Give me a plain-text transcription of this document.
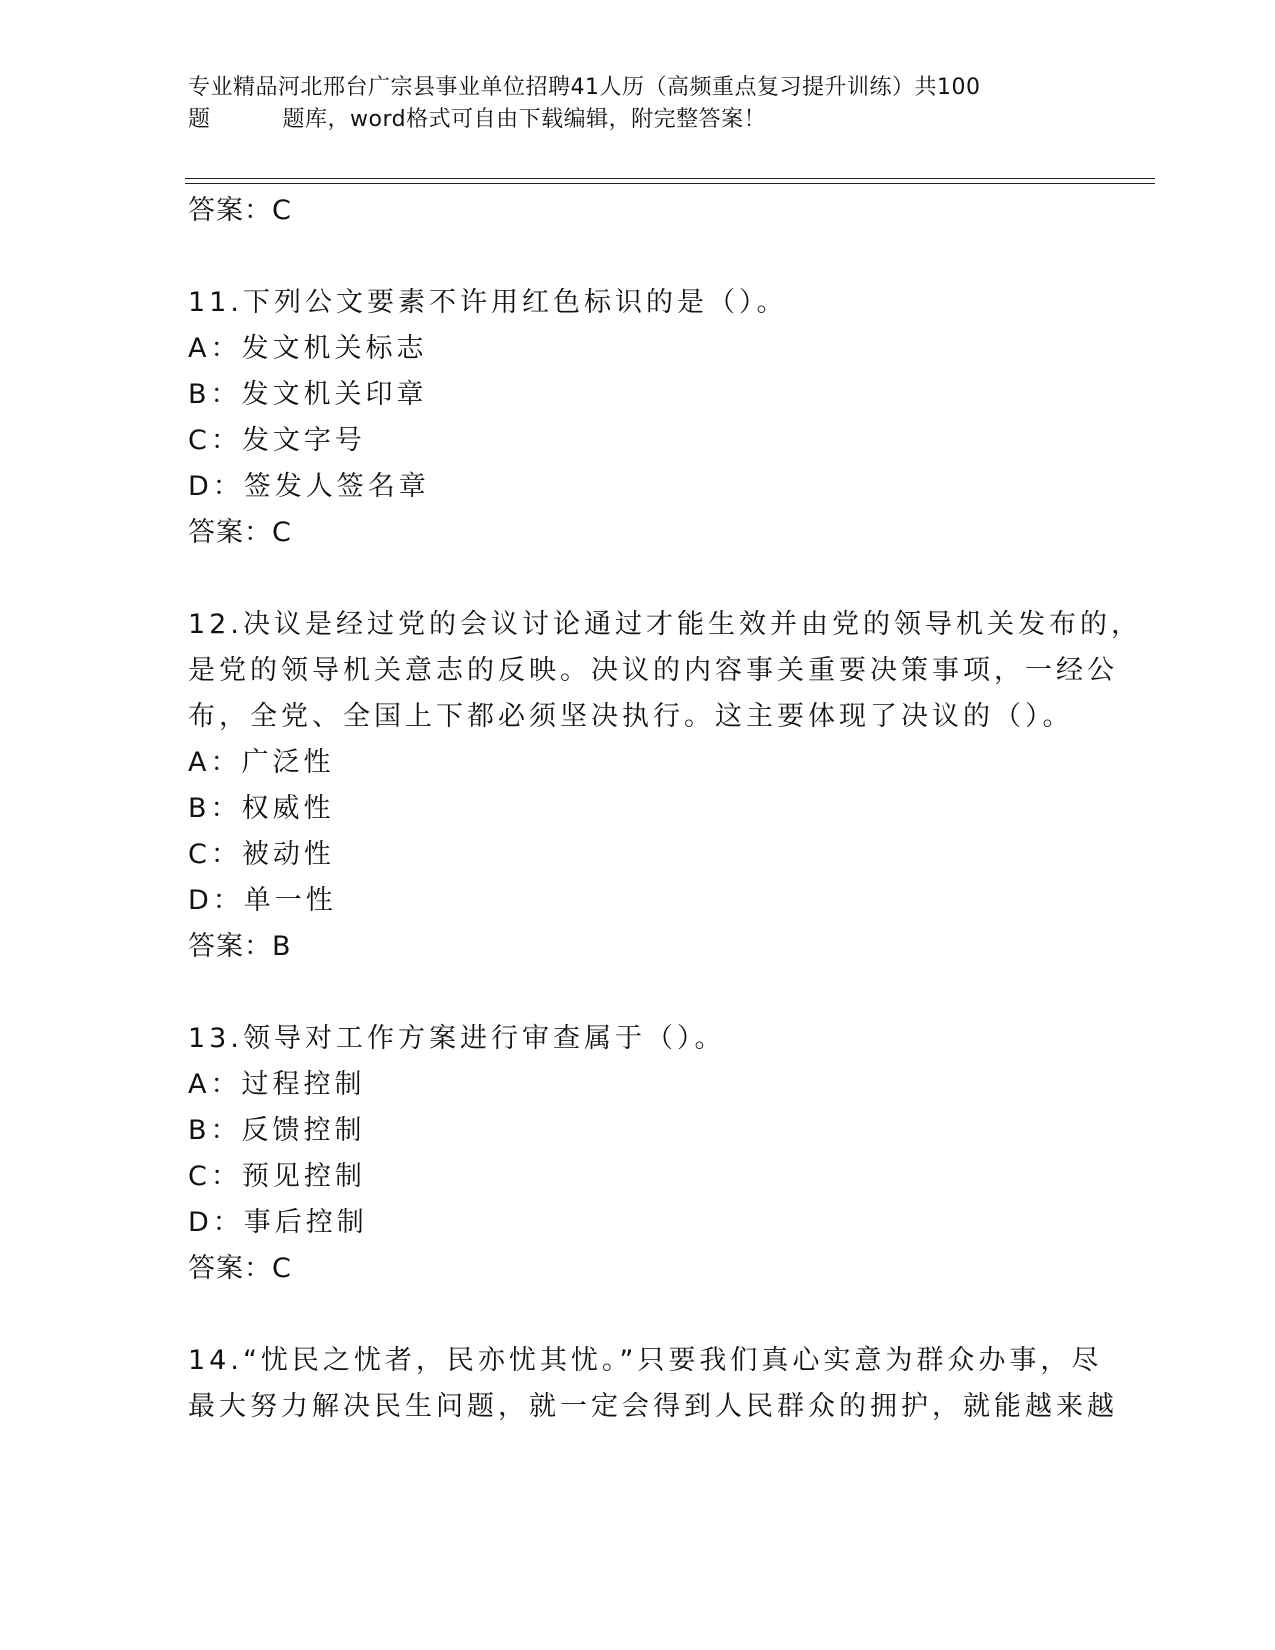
专业精品河北邢台广宗县事业单位招聘41人历（高频重点复习提升训练）共100
题	题库，word格式可自由下载编辑，附完整答案！
答案：C
11.下列公文要素不许用红色标识的是（）。
A：发文机关标志
B：发文机关印章
C：发文字号
D：签发人签名章
答案：C
12.决议是经过党的会议讨论通过才能生效并由党的领导机关发布的，
是党的领导机关意志的反映。决议的内容事关重要决策事项，一经公
布，全党、全国上下都必须坚决执行。这主要体现了决议的（）。
A：广泛性
B：权威性
C：被动性
D：单一性
答案：B
13.领导对工作方案进行审查属于（）。
A：过程控制
B：反馈控制
C：预见控制
D：事后控制
答案：C
14.“忧民之忧者，民亦忧其忧。”只要我们真心实意为群众办事，尽
最大努力解决民生问题，就一定会得到人民群众的拥护，就能越来越
